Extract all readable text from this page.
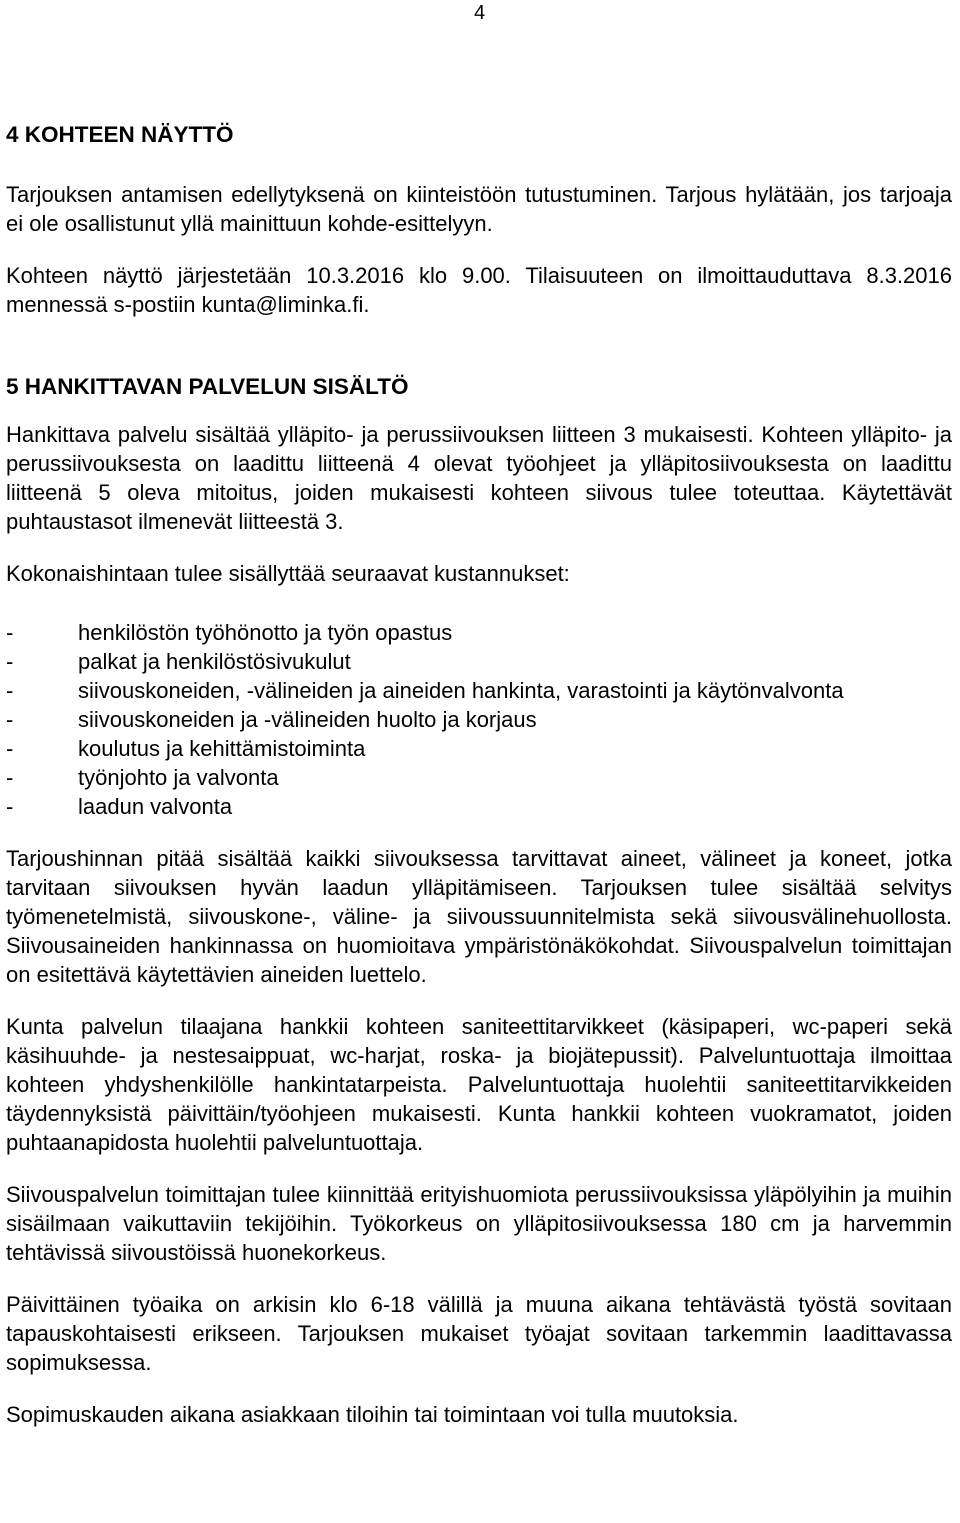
4
4 KOHTEEN NÄYTTÖ

Tarjouksen antamisen edellytyksenä on kiinteistöön tutustuminen. Tarjous hylätään, jos tarjoaja ei ole osallistunut yllä mainittuun kohde-esittelyyn.

Kohteen näyttö järjestetään 10.3.2016 klo 9.00. Tilaisuuteen on ilmoittauduttava 8.3.2016 mennessä s-postiin kunta@liminka.fi.

5 HANKITTAVAN PALVELUN SISÄLTÖ

Hankittava palvelu sisältää ylläpito- ja perussiivouksen liitteen 3 mukaisesti. Kohteen ylläpito- ja perussiivouksesta on laadittu liitteenä 4 olevat työohjeet ja ylläpitosiivouksesta on laadittu liitteenä 5 oleva mitoitus, joiden mukaisesti kohteen siivous tulee toteuttaa. Käytettävät puhtaustasot ilmenevät liitteestä 3.

Kokonaishintaan tulee sisällyttää seuraavat kustannukset:

-	henkilöstön työhönotto ja työn opastus
-	palkat ja henkilöstösivukulut
-	siivouskoneiden, -välineiden ja aineiden hankinta, varastointi ja käytönvalvonta
-	siivouskoneiden ja -välineiden huolto ja korjaus
-	koulutus ja kehittämistoiminta
-	työnjohto ja valvonta
-	laadun valvonta

Tarjoushinnan pitää sisältää kaikki siivouksessa tarvittavat aineet, välineet ja koneet, jotka tarvitaan siivouksen hyvän laadun ylläpitämiseen. Tarjouksen tulee sisältää selvitys työmenetelmistä, siivouskone-, väline- ja siivoussuunnitelmista sekä siivousvälinehuollosta. Siivousaineiden hankinnassa on huomioitava ympäristönäkökohdat. Siivouspalvelun toimittajan on esitettävä käytettävien aineiden luettelo.

Kunta palvelun tilaajana hankkii kohteen saniteettitarvikkeet (käsipaperi, wc-paperi sekä käsihuuhde- ja nestesaippuat, wc-harjat, roska- ja biojätepussit). Palveluntuottaja ilmoittaa kohteen yhdyshenkilölle hankintatarpeista. Palveluntuottaja huolehtii saniteettitarvikkeiden täydennyksistä päivittäin/työohjeen mukaisesti. Kunta hankkii kohteen vuokramatot, joiden puhtaanapidosta huolehtii palveluntuottaja.

Siivouspalvelun toimittajan tulee kiinnittää erityishuomiota perussiivouksissa yläpölyihin ja muihin sisäilmaan vaikuttaviin tekijöihin. Työkorkeus on ylläpitosiivouksessa 180 cm ja harvemmin tehtävissä siivoustöissä huonekorkeus.

Päivittäinen työaika on arkisin klo 6-18 välillä ja muuna aikana tehtävästä työstä sovitaan tapauskohtaisesti erikseen. Tarjouksen mukaiset työajat sovitaan tarkemmin laadittavassa sopimuksessa.

Sopimuskauden aikana asiakkaan tiloihin tai toimintaan voi tulla muutoksia.
